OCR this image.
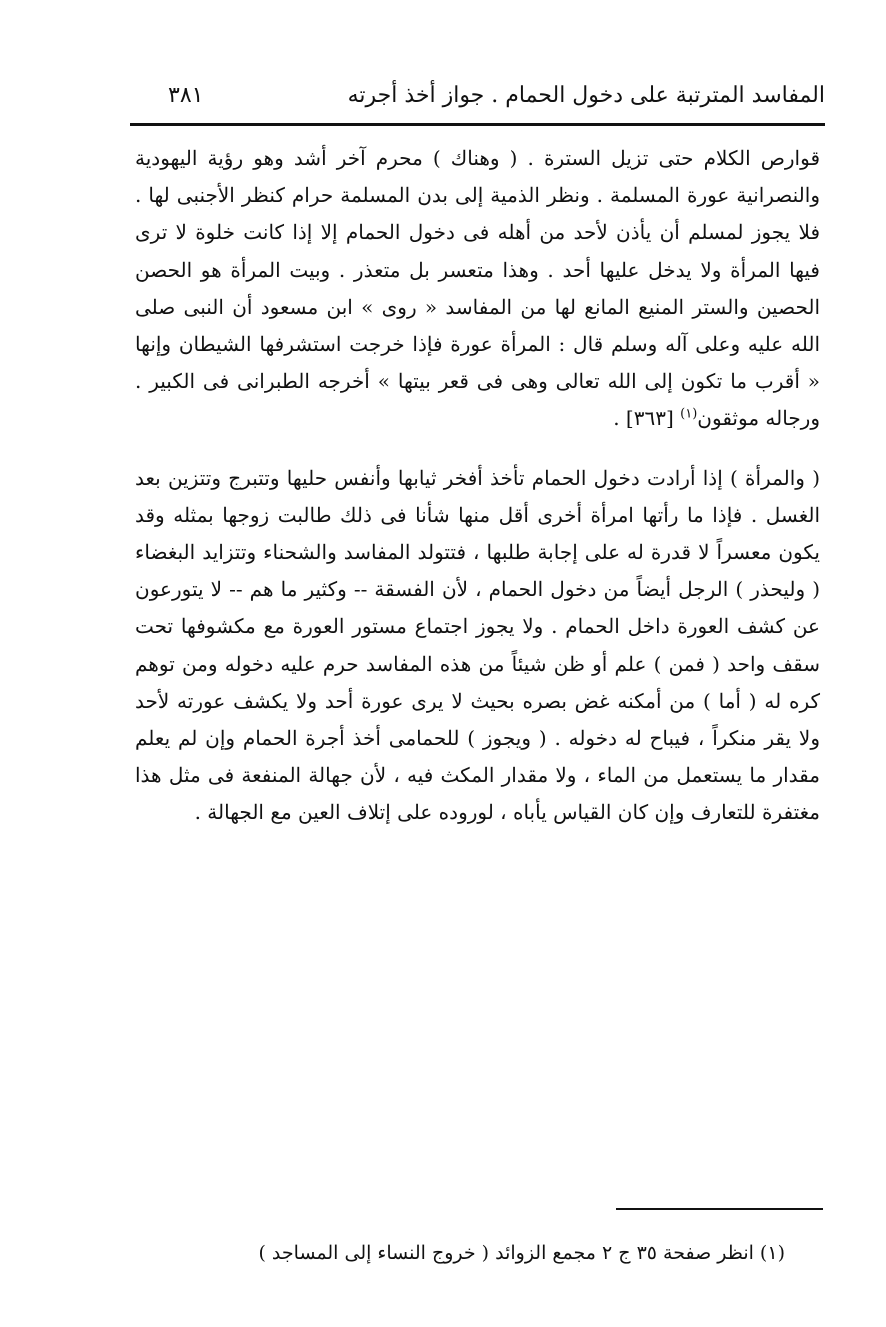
المفاسد المترتبة على دخول الحمام . جواز أخذ أجرته
٣٨١

قوارص الكلام حتى تزيل السترة . ( وهناك ) محرم آخر أشد وهو رؤية اليهودية والنصرانية عورة المسلمة . ونظر الذمية إلى بدن المسلمة حرام كنظر الأجنبى لها . فلا يجوز لمسلم أن يأذن لأحد من أهله فى دخول الحمام إلا إذا كانت خلوة لا ترى فيها المرأة ولا يدخل عليها أحد . وهذا متعسر بل متعذر . وبيت المرأة هو الحصن الحصين والستر المنيع المانع لها من المفاسد « روى » ابن مسعود أن النبى صلى الله عليه وعلى آله وسلم قال : المرأة عورة فإذا خرجت استشرفها الشيطان وإنها « أقرب ما تكون إلى الله تعالى وهى فى قعر بيتها » أخرجه الطبرانى فى الكبير . ورجاله موثقون$^{(١)}$ [٣٦٣] .

( والمرأة ) إذا أرادت دخول الحمام تأخذ أفخر ثيابها وأنفس حليها وتتبرج وتتزين بعد الغسل . فإذا ما رأتها امرأة أخرى أقل منها شأنا فى ذلك طالبت زوجها بمثله وقد يكون معسراً لا قدرة له على إجابة طلبها ، فتتولد المفاسد والشحناء وتتزايد البغضاء ( وليحذر ) الرجل أيضاً من دخول الحمام ، لأن الفسقة -- وكثير ما هم -- لا يتورعون عن كشف العورة داخل الحمام . ولا يجوز اجتماع مستور العورة مع مكشوفها تحت سقف واحد ( فمن ) علم أو ظن شيئاً من هذه المفاسد حرم عليه دخوله ومن توهم كره له ( أما ) من أمكنه غض بصره بحيث لا يرى عورة أحد ولا يكشف عورته لأحد ولا يقر منكراً ، فيباح له دخوله . ( ويجوز ) للحمامى أخذ أجرة الحمام وإن لم يعلم مقدار ما يستعمل من الماء ، ولا مقدار المكث فيه ، لأن جهالة المنفعة فى مثل هذا مغتفرة للتعارف وإن كان القياس يأباه ، لوروده على إتلاف العين مع الجهالة .

(١) انظر صفحة ٣٥ ج ٢ مجمع الزوائد ( خروج النساء إلى المساجد )
